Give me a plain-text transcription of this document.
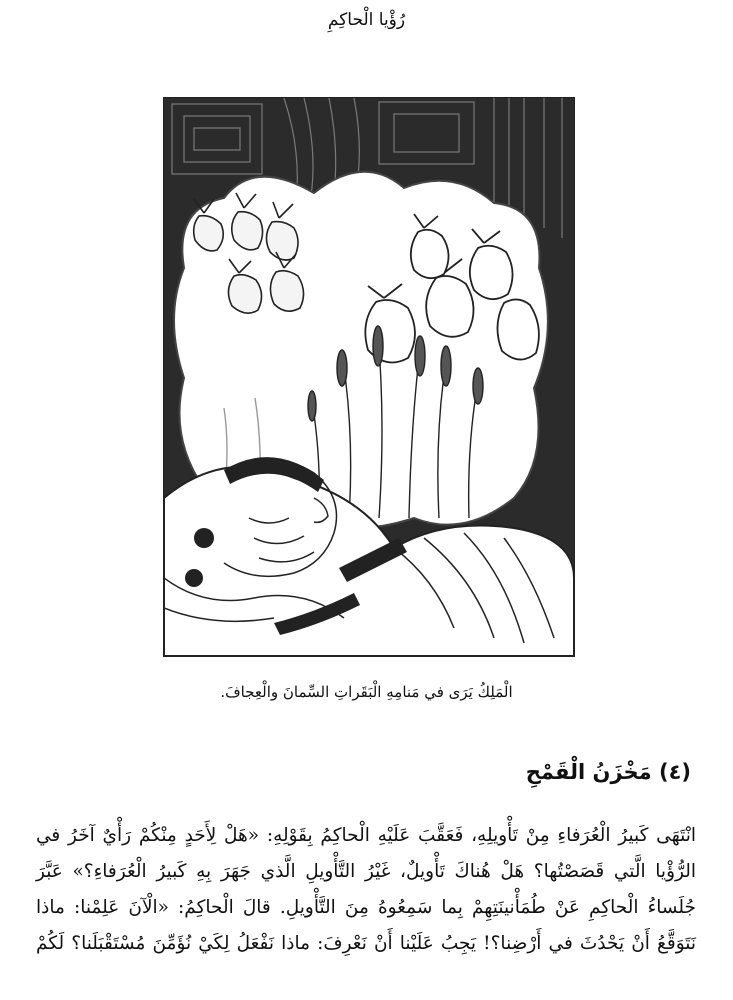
رُؤْيا الْحاكِمِ
الْمَلِكُ يَرَى في مَنامِهِ الْبَقَراتِ السِّمانَ والْعِجافَ.
(٤) مَخْزَنُ الْقَمْحِ
انْتَهَى كَبيرُ الْعُرَفاءِ مِنْ تَأْويلِهِ، فَعَقَّبَ عَلَيْهِ الْحاكِمُ بِقَوْلِهِ: «هَلْ لِأَحَدٍ مِنْكُمْ رَأْيٌ آخَرُ في
الرُّؤْيا الَّتي قَصَصْتُها؟ هَلْ هُناكَ تَأْويلٌ، غَيْرُ التَّأْويلِ الَّذي جَهَرَ بِهِ كَبيرُ الْعُرَفاءِ؟» عَبَّرَ
جُلَساءُ الْحاكِمِ عَنْ طُمَأْنينَتِهِمْ بِما سَمِعُوهُ مِنَ التَّأْويلِ. قالَ الْحاكِمُ: «الْآنَ عَلِمْنا: ماذا
نَتَوَقَّعُ أَنْ يَحْدُثَ في أَرْضِنا؟! يَجِبُ عَلَيْنا أَنْ نَعْرِفَ: ماذا نَفْعَلُ لِكَيْ نُؤَمِّنَ مُسْتَقْبَلَنا؟ لَكُمْ
